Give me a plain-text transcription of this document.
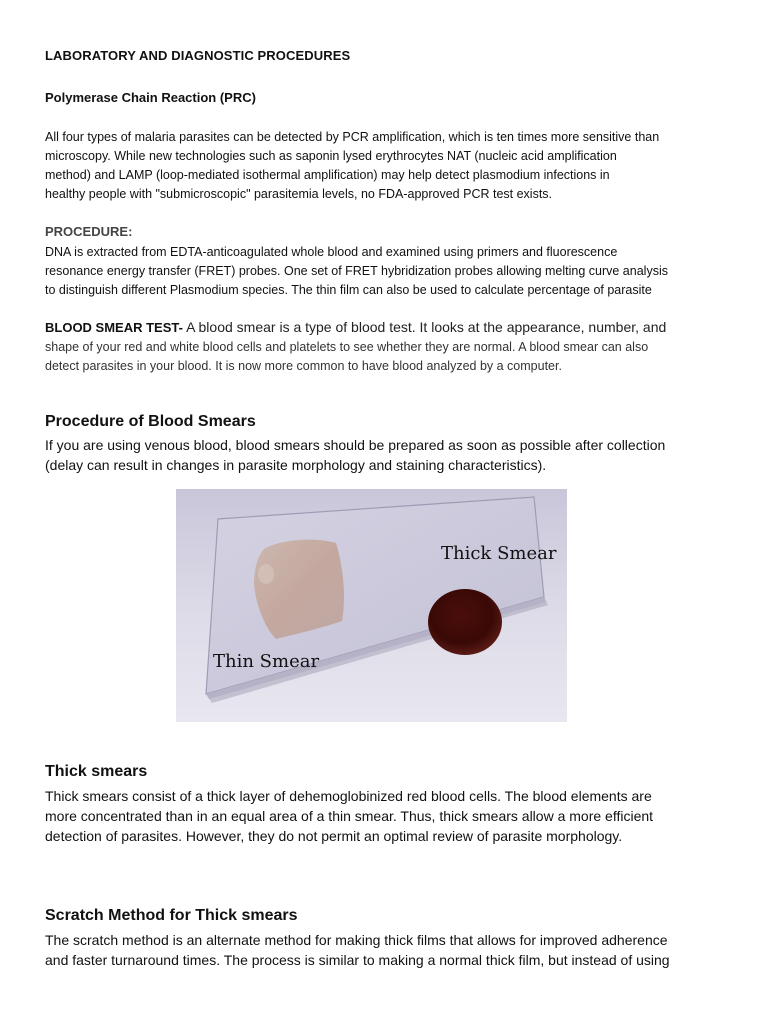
LABORATORY AND DIAGNOSTIC PROCEDURES
Polymerase Chain Reaction (PRC)
All four types of malaria parasites can be detected by PCR amplification, which is ten times more sensitive than
microscopy. While new technologies such as saponin lysed erythrocytes NAT (nucleic acid amplification
method) and LAMP (loop-mediated isothermal amplification) may help detect plasmodium infections in
healthy people with "submicroscopic" parasitemia levels, no FDA-approved PCR test exists.
PROCEDURE:
DNA is extracted from EDTA-anticoagulated whole blood and examined using primers and fluorescence
resonance energy transfer (FRET) probes. One set of FRET hybridization probes allowing melting curve analysis
to distinguish different Plasmodium species. The thin film can also be used to calculate percentage of parasite
BLOOD SMEAR TEST- A blood smear is a type of blood test. It looks at the appearance, number, and
shape of your red and white blood cells and platelets to see whether they are normal. A blood smear can also
detect parasites in your blood. It is now more common to have blood analyzed by a computer.
Procedure of Blood Smears
If you are using venous blood, blood smears should be prepared as soon as possible after collection
(delay can result in changes in parasite morphology and staining characteristics).
Thick smears
Thick smears consist of a thick layer of dehemoglobinized red blood cells. The blood elements are
more concentrated than in an equal area of a thin smear. Thus, thick smears allow a more efficient
detection of parasites. However, they do not permit an optimal review of parasite morphology.
Scratch Method for Thick smears
The scratch method is an alternate method for making thick films that allows for improved adherence
and faster turnaround times. The process is similar to making a normal thick film, but instead of using
Thick Smear
Thin Smear
